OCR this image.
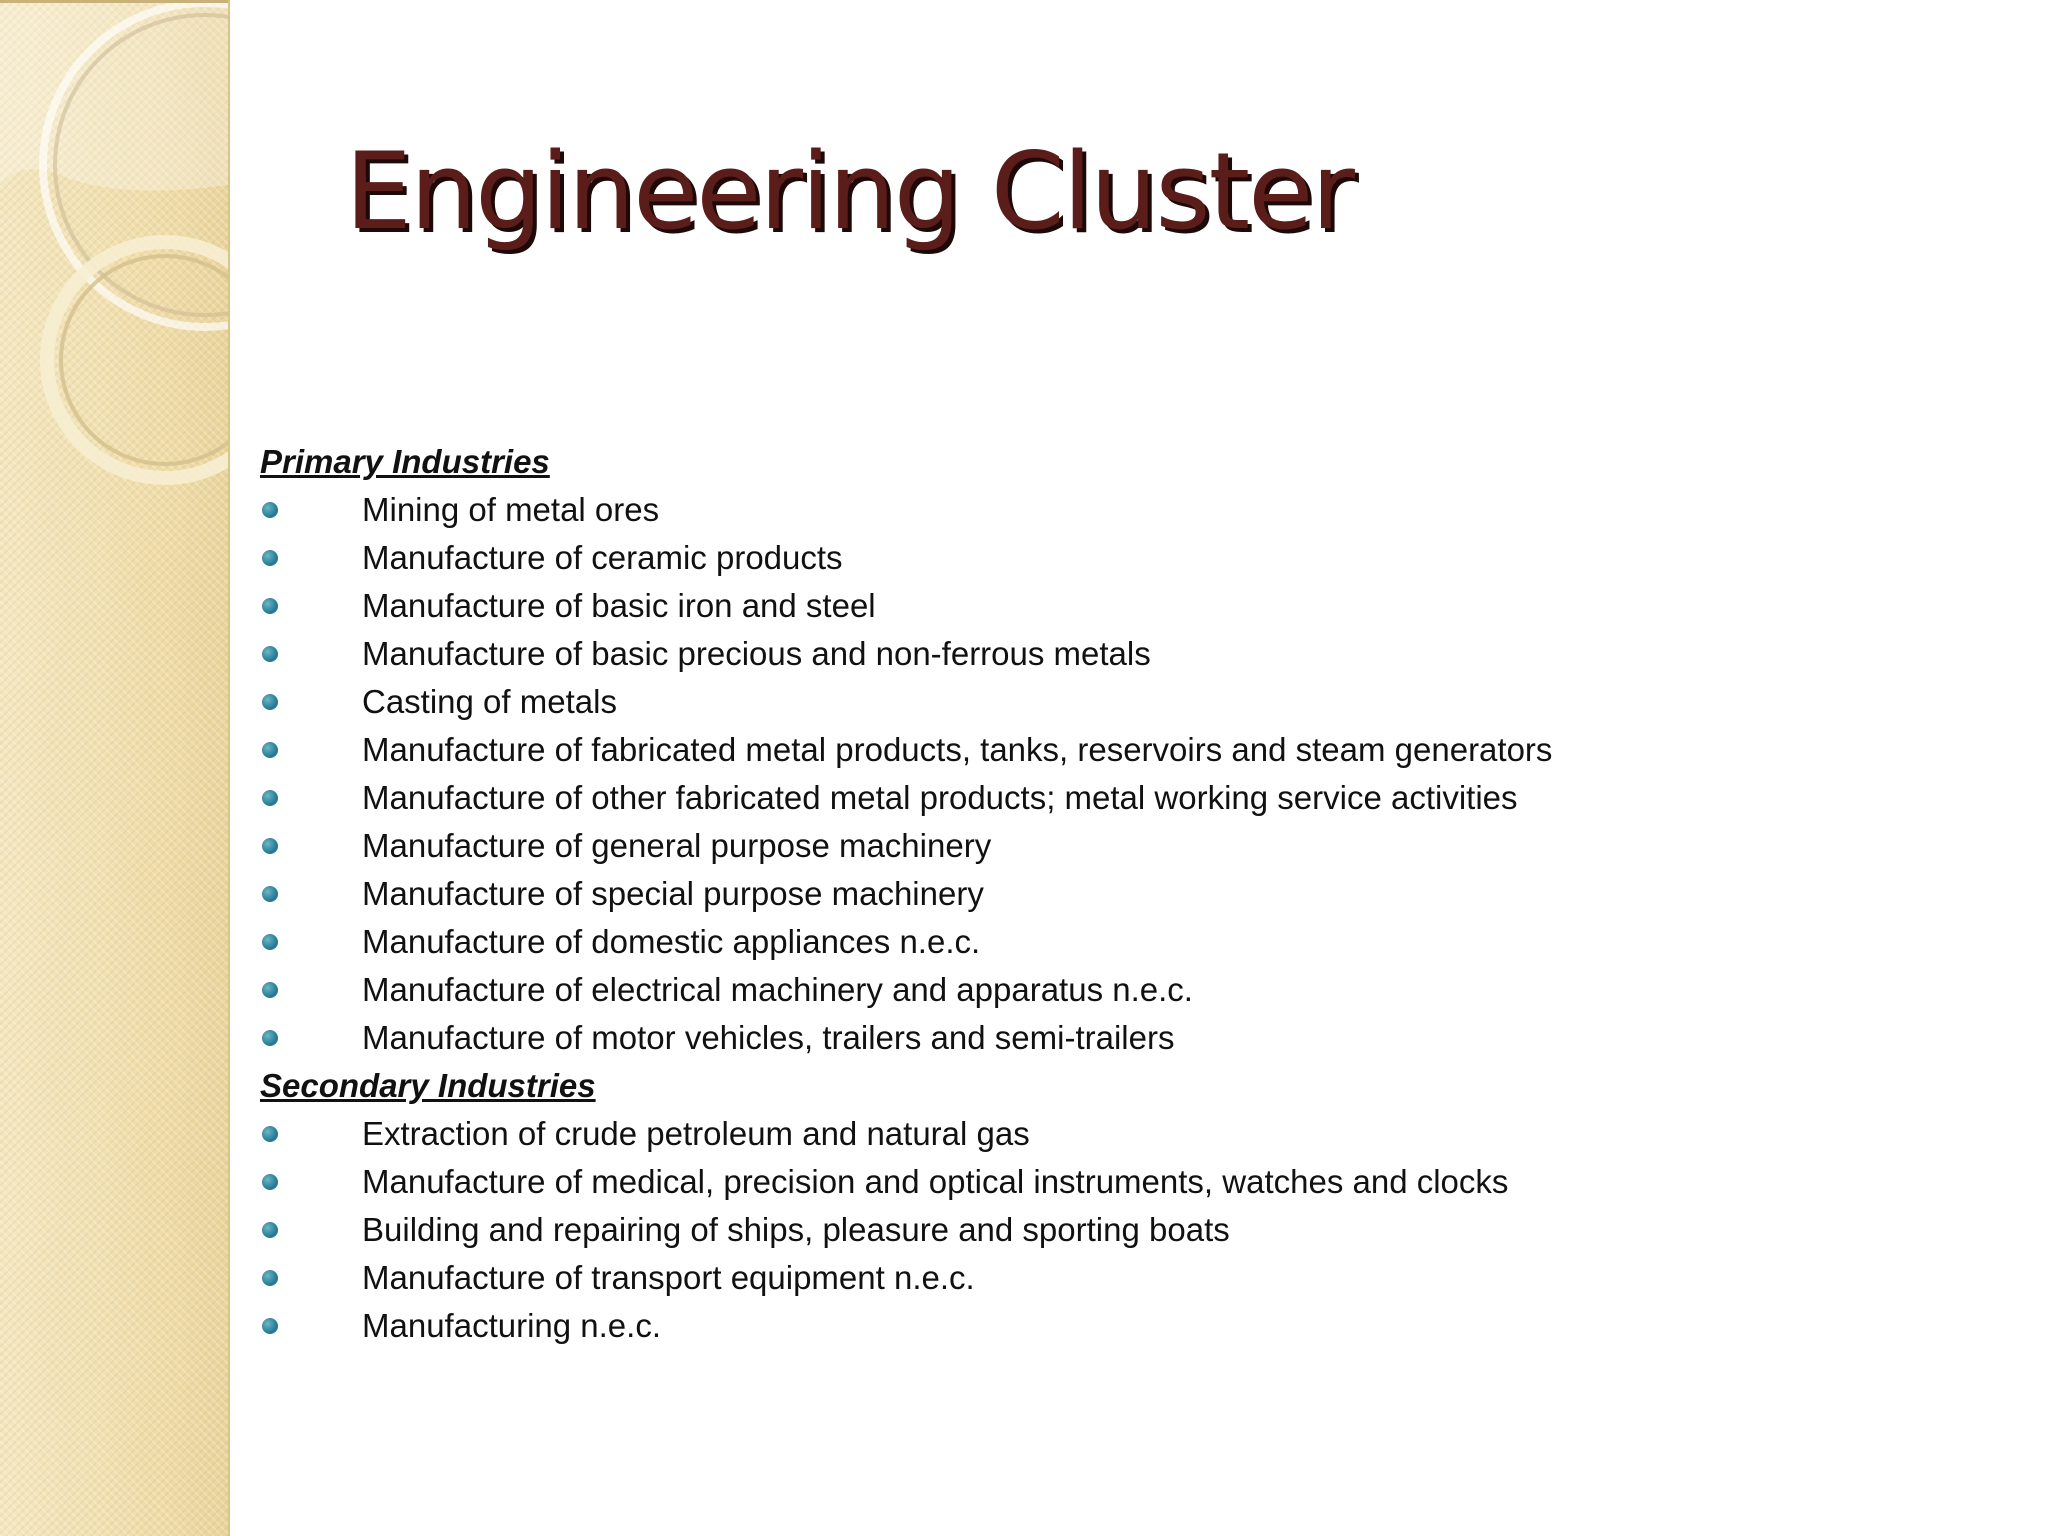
Engineering Cluster
Primary Industries
Mining of metal ores
Manufacture of ceramic products
Manufacture of basic iron and steel
Manufacture of basic precious and non-ferrous metals
Casting of metals
Manufacture of fabricated metal products, tanks, reservoirs and steam generators
Manufacture of other fabricated metal products; metal working service activities
Manufacture of general purpose machinery
Manufacture of special purpose machinery
Manufacture of domestic appliances n.e.c.
Manufacture of electrical machinery and apparatus n.e.c.
Manufacture of motor vehicles, trailers and semi-trailers
Secondary Industries
Extraction of crude petroleum and natural gas
Manufacture of medical, precision and optical instruments, watches and clocks
Building and repairing of ships, pleasure and sporting boats
Manufacture of transport equipment n.e.c.
Manufacturing n.e.c.
